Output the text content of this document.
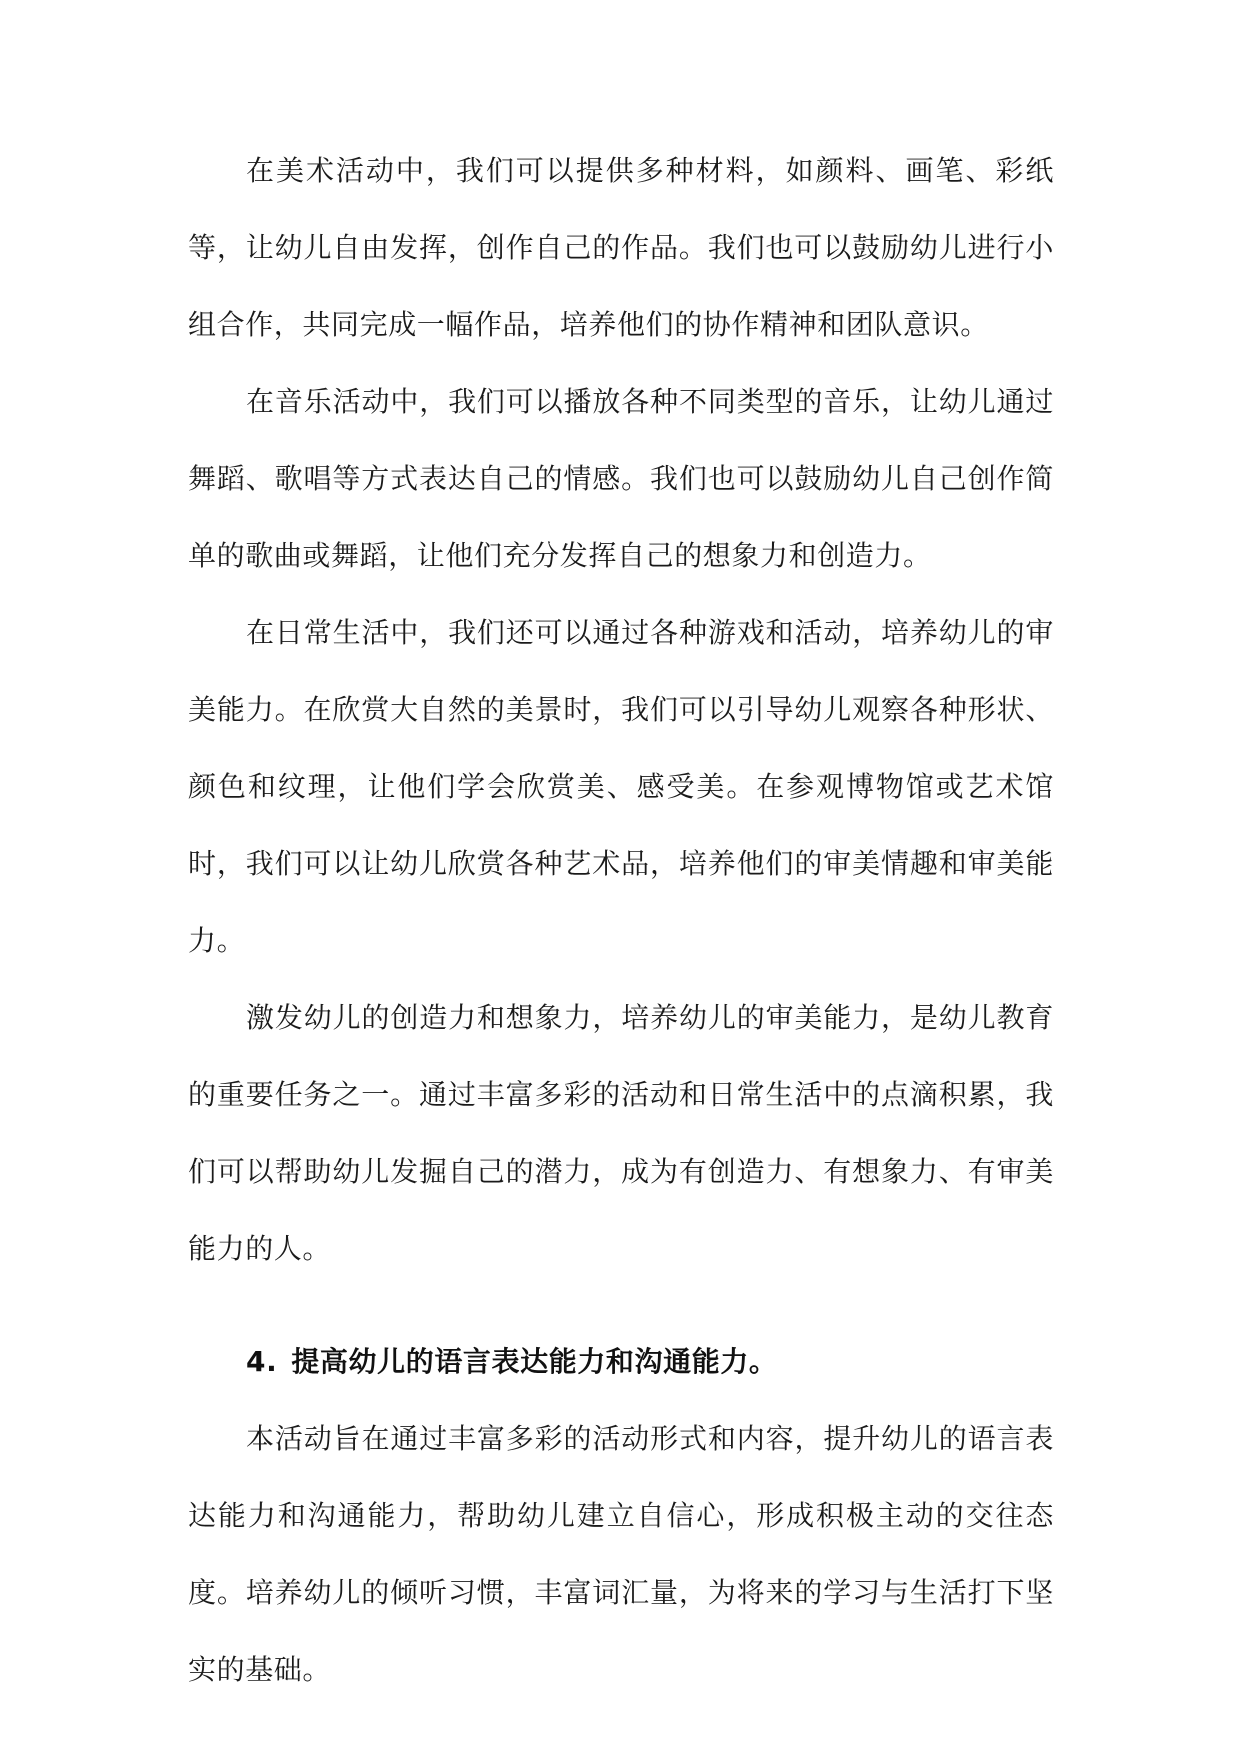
在美术活动中，我们可以提供多种材料，如颜料、画笔、彩纸等，让幼儿自由发挥，创作自己的作品。我们也可以鼓励幼儿进行小组合作，共同完成一幅作品，培养他们的协作精神和团队意识。

在音乐活动中，我们可以播放各种不同类型的音乐，让幼儿通过舞蹈、歌唱等方式表达自己的情感。我们也可以鼓励幼儿自己创作简单的歌曲或舞蹈，让他们充分发挥自己的想象力和创造力。

在日常生活中，我们还可以通过各种游戏和活动，培养幼儿的审美能力。在欣赏大自然的美景时，我们可以引导幼儿观察各种形状、颜色和纹理，让他们学会欣赏美、感受美。在参观博物馆或艺术馆时，我们可以让幼儿欣赏各种艺术品，培养他们的审美情趣和审美能力。

激发幼儿的创造力和想象力，培养幼儿的审美能力，是幼儿教育的重要任务之一。通过丰富多彩的活动和日常生活中的点滴积累，我们可以帮助幼儿发掘自己的潜力，成为有创造力、有想象力、有审美能力的人。

4. 提高幼儿的语言表达能力和沟通能力。

本活动旨在通过丰富多彩的活动形式和内容，提升幼儿的语言表达能力和沟通能力，帮助幼儿建立自信心，形成积极主动的交往态度。培养幼儿的倾听习惯，丰富词汇量，为将来的学习与生活打下坚实的基础。
